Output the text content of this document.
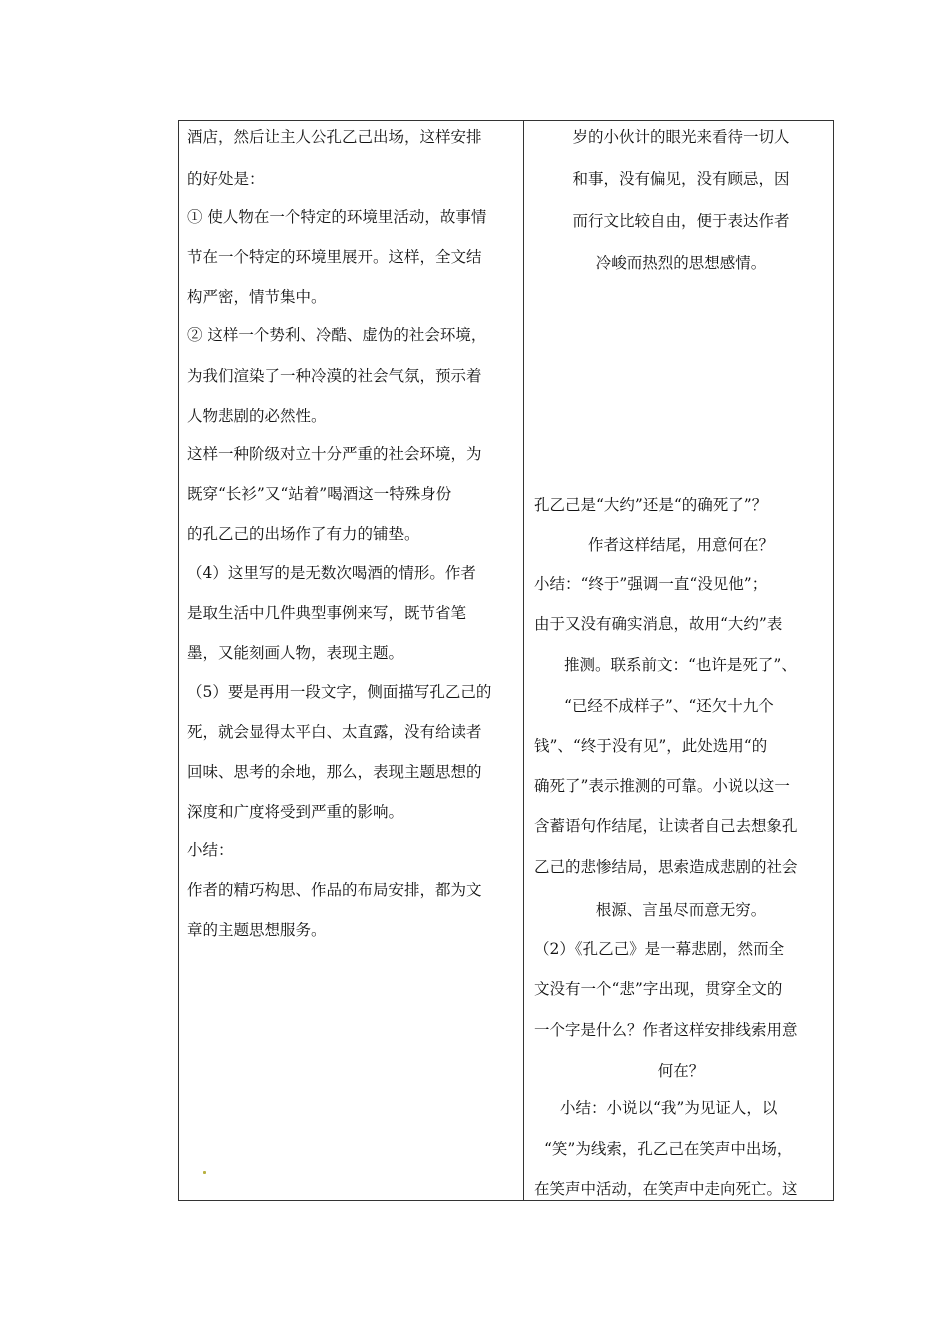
酒店，然后让主人公孔乙己出场，这样安排
的好处是：
① 使人物在一个特定的环境里活动，故事情
节在一个特定的环境里展开。这样，全文结
构严密，情节集中。
② 这样一个势利、冷酷、虚伪的社会环境，
为我们渲染了一种冷漠的社会气氛，预示着
人物悲剧的必然性。
这样一种阶级对立十分严重的社会环境，为
既穿“长衫”又“站着”喝酒这一特殊身份
的孔乙己的出场作了有力的铺垫。
（4）这里写的是无数次喝酒的情形。作者
是取生活中几件典型事例来写，既节省笔
墨，又能刻画人物，表现主题。
（5）要是再用一段文字，侧面描写孔乙己的
死，就会显得太平白、太直露，没有给读者
回味、思考的余地，那么，表现主题思想的
深度和广度将受到严重的影响。
小结：
作者的精巧构思、作品的布局安排，都为文
章的主题思想服务。
岁的小伙计的眼光来看待一切人
和事，没有偏见，没有顾忌，因
而行文比较自由，便于表达作者
冷峻而热烈的思想感情。
孔乙己是“大约”还是“的确死了”？
作者这样结尾，用意何在？
小结：“终于”强调一直“没见他”；
由于又没有确实消息，故用“大约”表
推测。联系前文：“也许是死了”、
“已经不成样子”、“还欠十九个
钱”、“终于没有见”，此处选用“的
确死了”表示推测的可靠。小说以这一
含蓄语句作结尾，让读者自己去想象孔
乙己的悲惨结局，思索造成悲剧的社会
根源、言虽尽而意无穷。
（2）《孔乙己》是一幕悲剧，然而全
文没有一个“悲”字出现，贯穿全文的
一个字是什么？作者这样安排线索用意
何在？
小结：小说以“我”为见证人，以
“笑”为线索，孔乙己在笑声中出场，
在笑声中活动，在笑声中走向死亡。这
